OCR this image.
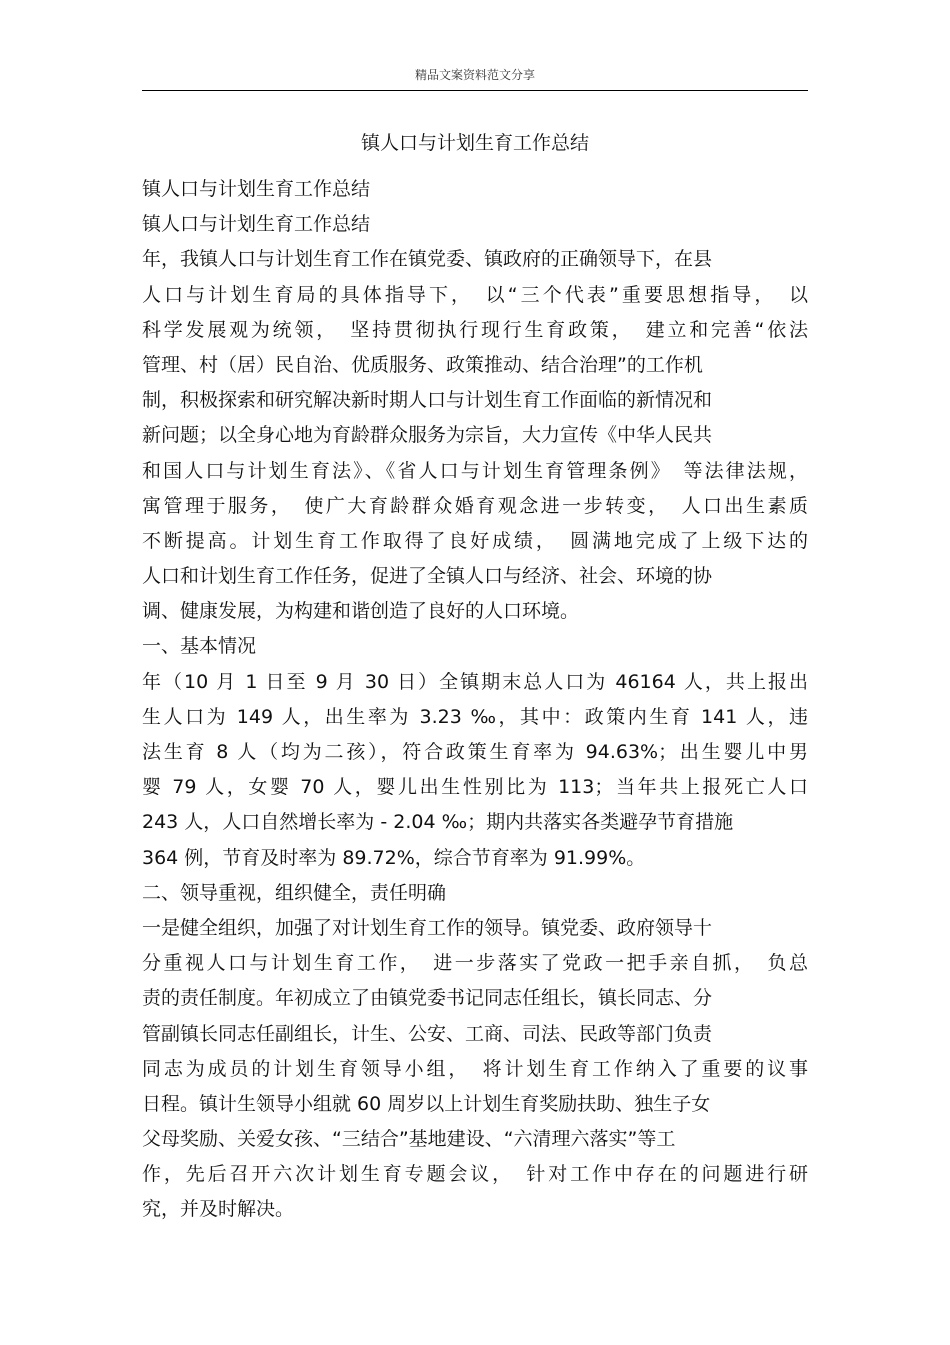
精品文案资料范文分享
镇人口与计划生育工作总结
镇人口与计划生育工作总结
镇人口与计划生育工作总结
年，我镇人口与计划生育工作在镇党委、镇政府的正确领导下，在县
人口与计划生育局的具体指导下，　以“三个代表”重要思想指导，　以
科学发展观为统领，　坚持贯彻执行现行生育政策，　建立和完善“依法
管理、村（居）民自治、优质服务、政策推动、结合治理”的工作机
制，积极探索和研究解决新时期人口与计划生育工作面临的新情况和
新问题；以全身心地为育龄群众服务为宗旨，大力宣传《中华人民共
和国人口与计划生育法》、《省人口与计划生育管理条例》　等法律法规，
寓管理于服务，　使广大育龄群众婚育观念进一步转变，　人口出生素质
不断提高。计划生育工作取得了良好成绩，　圆满地完成了上级下达的
人口和计划生育工作任务，促进了全镇人口与经济、社会、环境的协
调、健康发展，为构建和谐创造了良好的人口环境。
一、基本情况
年（10 月 1 日至 9 月 30 日）全镇期末总人口为 46164 人，共上报出
生人口为 149 人，出生率为 3.23 ‰，其中：政策内生育 141 人，违
法生育 8 人（均为二孩），符合政策生育率为 94.63%；出生婴儿中男
婴 79 人，女婴 70 人，婴儿出生性别比为 113；当年共上报死亡人口
243 人，人口自然增长率为 - 2.04 ‰；期内共落实各类避孕节育措施
364 例，节育及时率为 89.72%，综合节育率为 91.99%。
二、领导重视，组织健全，责任明确
一是健全组织，加强了对计划生育工作的领导。镇党委、政府领导十
分重视人口与计划生育工作，　进一步落实了党政一把手亲自抓，　负总
责的责任制度。年初成立了由镇党委书记同志任组长，镇长同志、分
管副镇长同志任副组长，计生、公安、工商、司法、民政等部门负责
同志为成员的计划生育领导小组，　将计划生育工作纳入了重要的议事
日程。镇计生领导小组就 60 周岁以上计划生育奖励扶助、独生子女
父母奖励、关爱女孩、“三结合”基地建设、“六清理六落实”等工
作，先后召开六次计划生育专题会议，　针对工作中存在的问题进行研
究，并及时解决。
